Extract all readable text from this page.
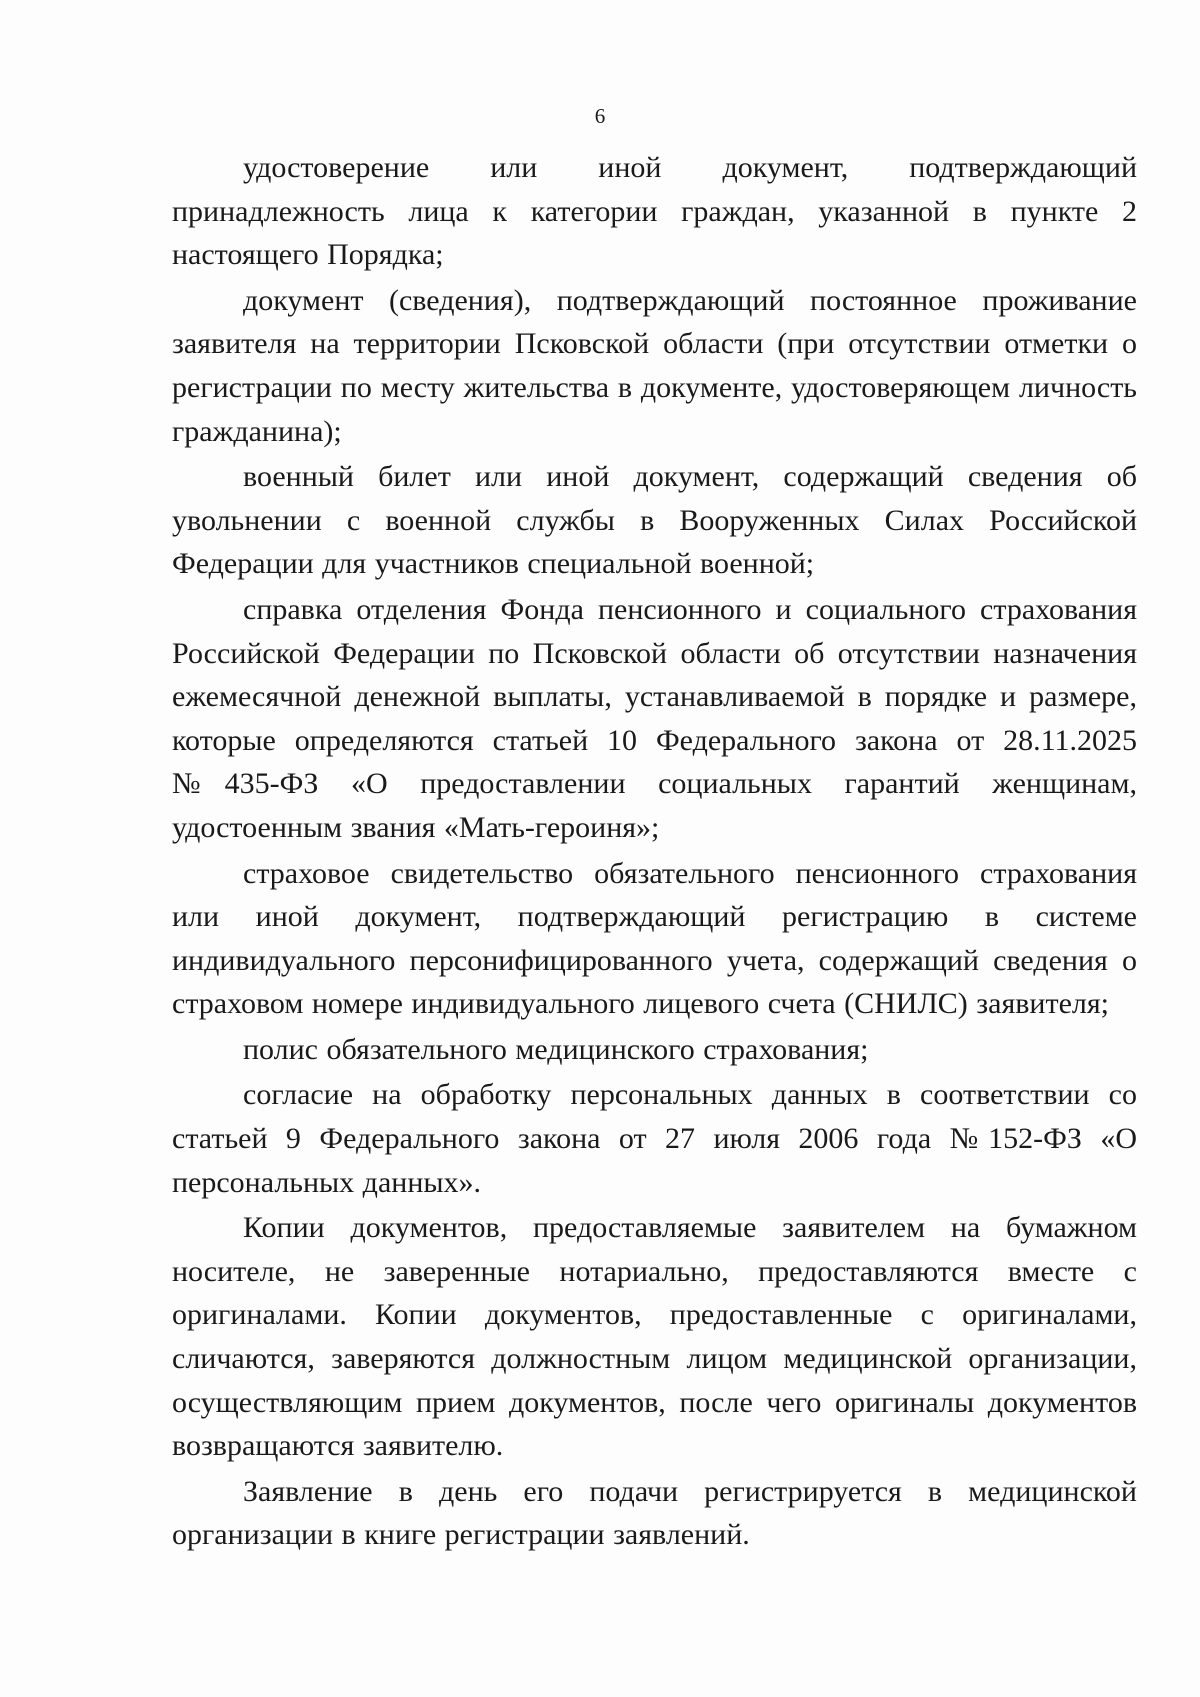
6

удостоверение или иной документ, подтверждающий принадлежность лица к категории граждан, указанной в пункте 2 настоящего Порядка;

документ (сведения), подтверждающий постоянное проживание заявителя на территории Псковской области (при отсутствии отметки о регистрации по месту жительства в документе, удостоверяющем личность гражданина);

военный билет или иной документ, содержащий сведения об увольнении с военной службы в Вооруженных Силах Российской Федерации для участников специальной военной;

справка отделения Фонда пенсионного и социального страхования Российской Федерации по Псковской области об отсутствии назначения ежемесячной денежной выплаты, устанавливаемой в порядке и размере, которые определяются статьей 10 Федерального закона от 28.11.2025 №435-ФЗ «О предоставлении социальных гарантий женщинам, удостоенным звания «Мать-героиня»;

страховое свидетельство обязательного пенсионного страхования или иной документ, подтверждающий регистрацию в системе индивидуального персонифицированного учета, содержащий сведения о страховом номере индивидуального лицевого счета (СНИЛС) заявителя;

полис обязательного медицинского страхования;

согласие на обработку персональных данных в соответствии со статьей 9 Федерального закона от 27 июля 2006 года №152-ФЗ «О персональных данных».

Копии документов, предоставляемые заявителем на бумажном носителе, не заверенные нотариально, предоставляются вместе с оригиналами. Копии документов, предоставленные с оригиналами, сличаются, заверяются должностным лицом медицинской организации, осуществляющим прием документов, после чего оригиналы документов возвращаются заявителю.

Заявление в день его подачи регистрируется в медицинской организации в книге регистрации заявлений.
